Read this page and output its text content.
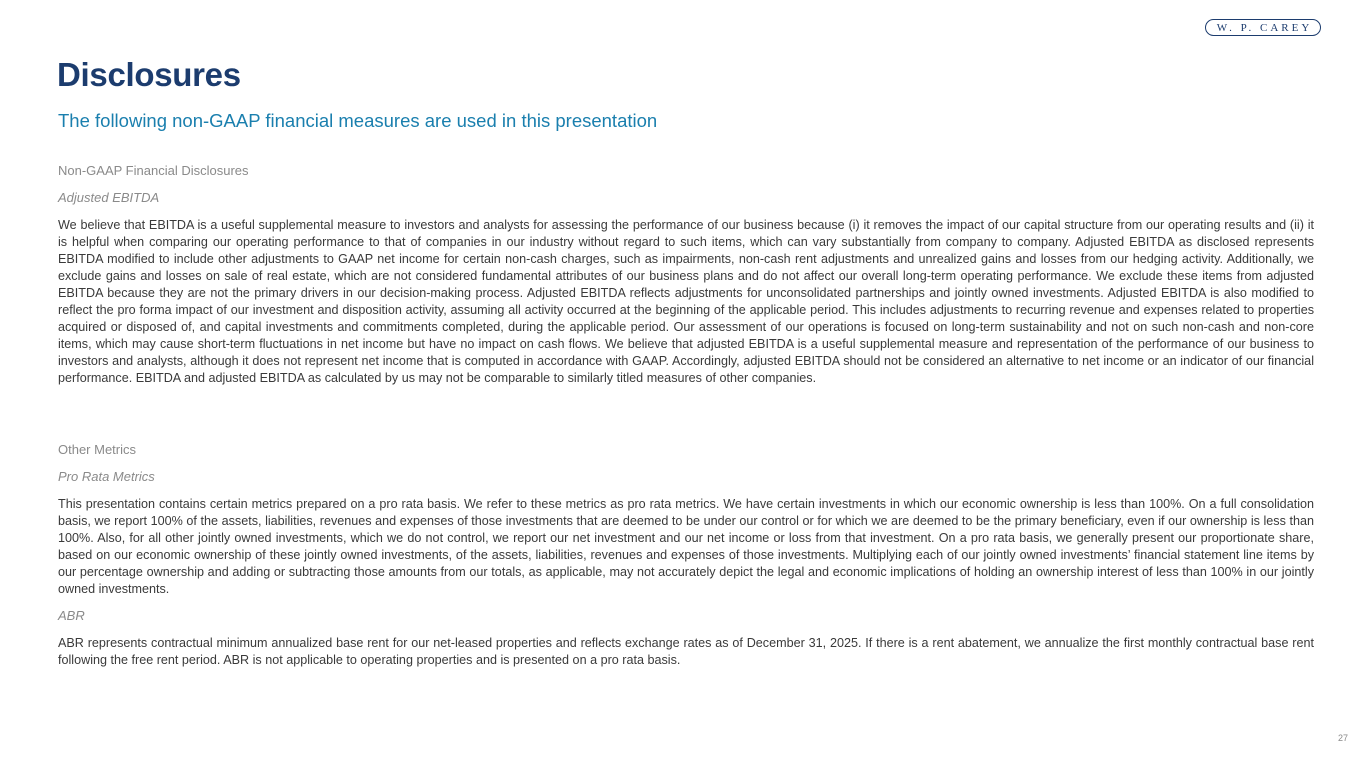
W. P. CAREY
Disclosures
The following non-GAAP financial measures are used in this presentation

Non-GAAP Financial Disclosures

Adjusted EBITDA

We believe that EBITDA is a useful supplemental measure to investors and analysts for assessing the performance of our business because (i) it removes the impact of our capital structure from our operating results and (ii) it is helpful when comparing our operating performance to that of companies in our industry without regard to such items, which can vary substantially from company to company. Adjusted EBITDA as disclosed represents EBITDA modified to include other adjustments to GAAP net income for certain non-cash charges, such as impairments, non-cash rent adjustments and unrealized gains and losses from our hedging activity. Additionally, we exclude gains and losses on sale of real estate, which are not considered fundamental attributes of our business plans and do not affect our overall long-term operating performance. We exclude these items from adjusted EBITDA because they are not the primary drivers in our decision-making process. Adjusted EBITDA reflects adjustments for unconsolidated partnerships and jointly owned investments. Adjusted EBITDA is also modified to reflect the pro forma impact of our investment and disposition activity, assuming all activity occurred at the beginning of the applicable period. This includes adjustments to recurring revenue and expenses related to properties acquired or disposed of, and capital investments and commitments completed, during the applicable period. Our assessment of our operations is focused on long-term sustainability and not on such non-cash and non-core items, which may cause short-term fluctuations in net income but have no impact on cash flows. We believe that adjusted EBITDA is a useful supplemental measure and representation of the performance of our business to investors and analysts, although it does not represent net income that is computed in accordance with GAAP. Accordingly, adjusted EBITDA should not be considered an alternative to net income or an indicator of our financial performance. EBITDA and adjusted EBITDA as calculated by us may not be comparable to similarly titled measures of other companies.

Other Metrics

Pro Rata Metrics

This presentation contains certain metrics prepared on a pro rata basis. We refer to these metrics as pro rata metrics. We have certain investments in which our economic ownership is less than 100%. On a full consolidation basis, we report 100% of the assets, liabilities, revenues and expenses of those investments that are deemed to be under our control or for which we are deemed to be the primary beneficiary, even if our ownership is less than 100%. Also, for all other jointly owned investments, which we do not control, we report our net investment and our net income or loss from that investment. On a pro rata basis, we generally present our proportionate share, based on our economic ownership of these jointly owned investments, of the assets, liabilities, revenues and expenses of those investments. Multiplying each of our jointly owned investments’ financial statement line items by our percentage ownership and adding or subtracting those amounts from our totals, as applicable, may not accurately depict the legal and economic implications of holding an ownership interest of less than 100% in our jointly owned investments.

ABR

ABR represents contractual minimum annualized base rent for our net-leased properties and reflects exchange rates as of December 31, 2025. If there is a rent abatement, we annualize the first monthly contractual base rent following the free rent period. ABR is not applicable to operating properties and is presented on a pro rata basis.

27
